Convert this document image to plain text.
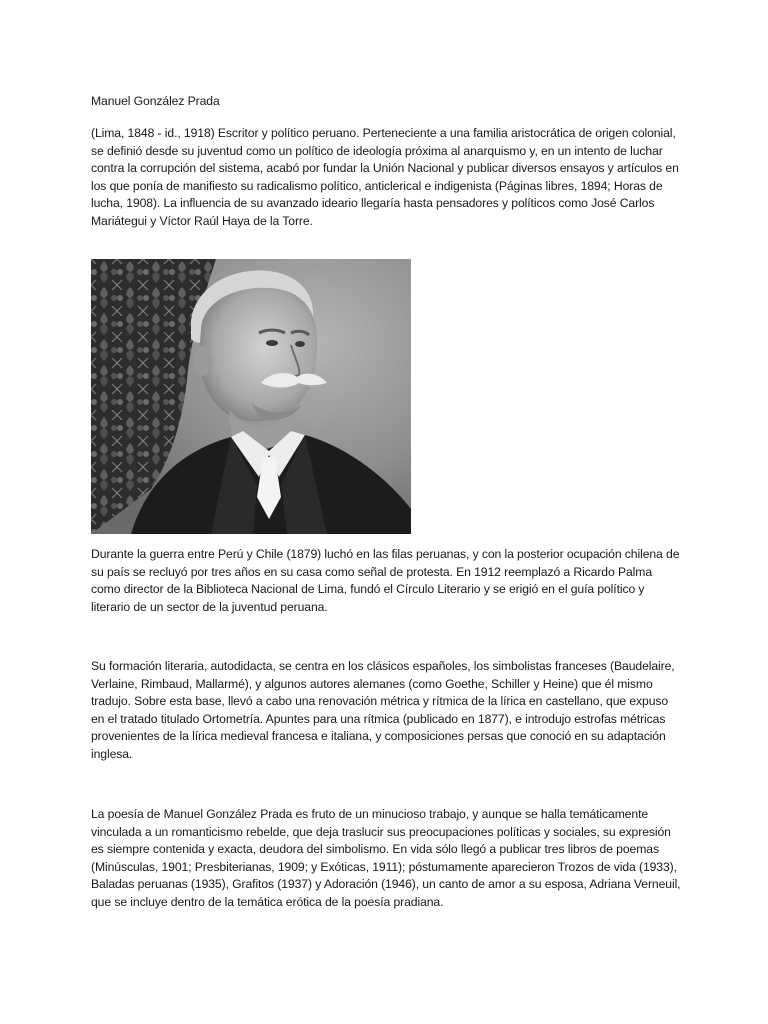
Manuel González Prada

(Lima, 1848 - id., 1918) Escritor y político peruano. Perteneciente a una familia aristocrática de origen colonial, se definió desde su juventud como un político de ideología próxima al anarquismo y, en un intento de luchar contra la corrupción del sistema, acabó por fundar la Unión Nacional y publicar diversos ensayos y artículos en los que ponía de manifiesto su radicalismo político, anticlerical e indigenista (Páginas libres, 1894; Horas de lucha, 1908). La influencia de su avanzado ideario llegaría hasta pensadores y políticos como José Carlos Mariátegui y Víctor Raúl Haya de la Torre.

Durante la guerra entre Perú y Chile (1879) luchó en las filas peruanas, y con la posterior ocupación chilena de su país se recluyó por tres años en su casa como señal de protesta. En 1912 reemplazó a Ricardo Palma como director de la Biblioteca Nacional de Lima, fundó el Círculo Literario y se erigió en el guía político y literario de un sector de la juventud peruana.

Su formación literaria, autodidacta, se centra en los clásicos españoles, los simbolistas franceses (Baudelaire, Verlaine, Rimbaud, Mallarmé), y algunos autores alemanes (como Goethe, Schiller y Heine) que él mismo tradujo. Sobre esta base, llevó a cabo una renovación métrica y rítmica de la lírica en castellano, que expuso en el tratado titulado Ortometría. Apuntes para una rítmica (publicado en 1877), e introdujo estrofas métricas provenientes de la lírica medieval francesa e italiana, y composiciones persas que conoció en su adaptación inglesa.

La poesía de Manuel González Prada es fruto de un minucioso trabajo, y aunque se halla temáticamente vinculada a un romanticismo rebelde, que deja traslucir sus preocupaciones políticas y sociales, su expresión es siempre contenida y exacta, deudora del simbolismo. En vida sólo llegó a publicar tres libros de poemas (Minúsculas, 1901; Presbiterianas, 1909; y Exóticas, 1911); póstumamente aparecieron Trozos de vida (1933), Baladas peruanas (1935), Grafitos (1937) y Adoración (1946), un canto de amor a su esposa, Adriana Verneuil, que se incluye dentro de la temática erótica de la poesía pradiana.
